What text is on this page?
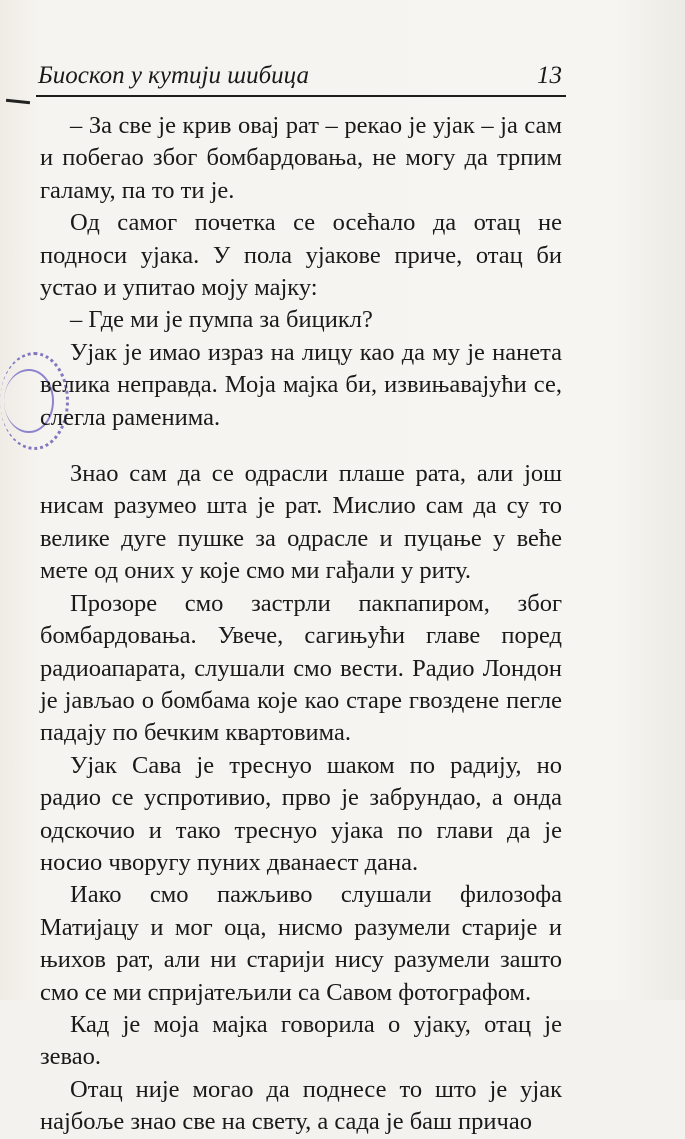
Биоскоп у кутији шибица	13

– За све је крив овај рат – рекао је ујак – ја сам и побегао због бомбардовања, не могу да трпим галаму, па то ти је.

Од самог почетка се осећало да отац не подноси ујака. У пола ујакове приче, отац би устао и упитао моју мајку:

– Где ми је пумпа за бицикл?

Ујак је имао израз на лицу као да му је нанета велика неправда. Моја мајка би, извињавајући се, слегла раменима.

Знао сам да се одрасли плаше рата, али још нисам разумео шта је рат. Мислио сам да су то велике дуге пушке за одрасле и пуцање у веће мете од оних у које смо ми гађали у риту.

Прозоре смо застрли пакпапиром, због бомбардовања. Увече, сагињући главе поред радиоапарата, слушали смо вести. Радио Лондон је јављао о бомбама које као старе гвоздене пегле падају по бечким квартовима.

Ујак Сава је треснуо шаком по радију, но радио се успротивио, прво је забрундао, а онда одскочио и тако треснуо ујака по глави да је носио чворугу пуних дванаест дана.

Иако смо пажљиво слушали филозофа Матијацу и мог оца, нисмо разумели старије и њихов рат, али ни старији нису разумели зашто смо се ми спријатељили са Савом фотографом.

Кад је моја мајка говорила о ујаку, отац је зевао.

Отац није могао да поднесе то што је ујак најбоље знао све на свету, а сада је баш причао
